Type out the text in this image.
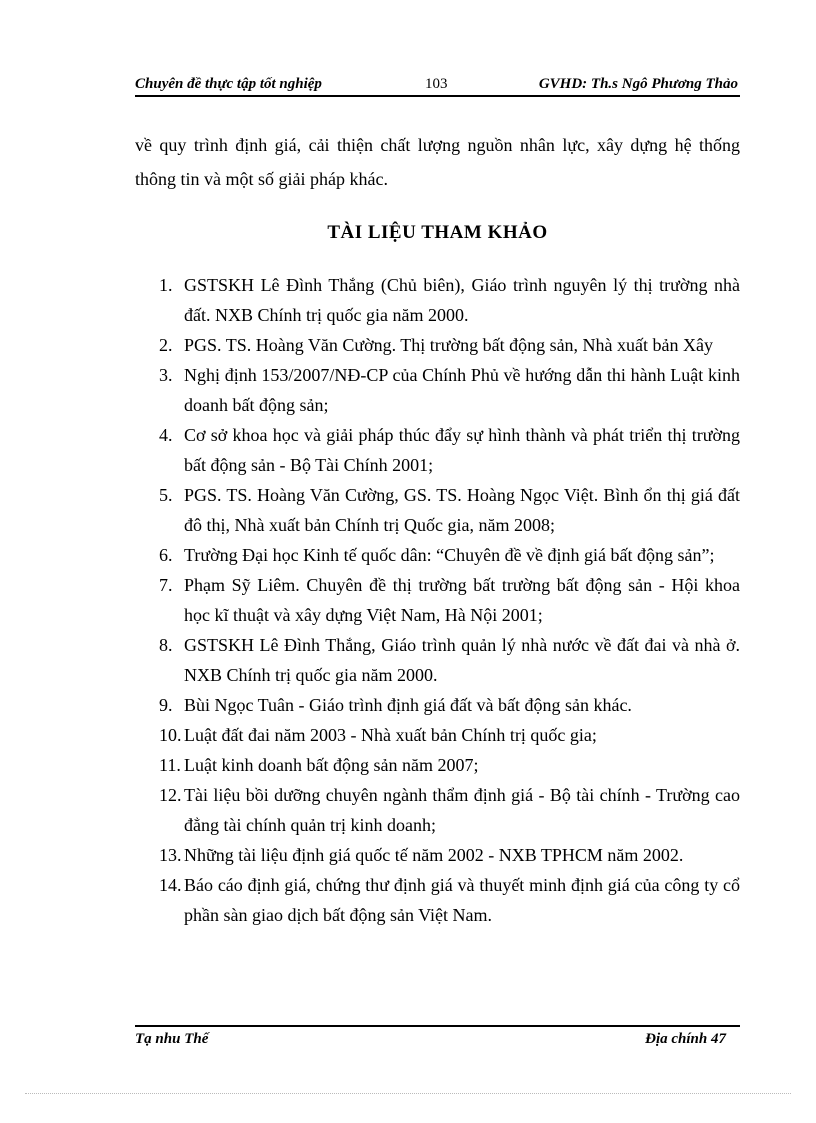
Chuyên đề thực tập tốt nghiệp	103	GVHD: Th.s Ngô Phương Thảo

về quy trình định giá, cải thiện chất lượng nguồn nhân lực, xây dựng hệ thống thông tin và một số giải pháp khác.

TÀI LIỆU THAM KHẢO
1. GSTSKH Lê Đình Thắng (Chủ biên), Giáo trình nguyên lý thị trường nhà đất. NXB Chính trị quốc gia năm 2000.
2. PGS. TS. Hoàng Văn Cường. Thị trường bất động sản, Nhà xuất bản Xây
3. Nghị định 153/2007/NĐ-CP của Chính Phủ về hướng dẫn thi hành Luật kinh doanh bất động sản;
4. Cơ sở khoa học và giải pháp thúc đẩy sự hình thành và phát triển thị trường bất động sản - Bộ Tài Chính 2001;
5. PGS. TS. Hoàng Văn Cường, GS. TS. Hoàng Ngọc Việt. Bình ổn thị giá đất đô thị, Nhà xuất bản Chính trị Quốc gia, năm 2008;
6. Trường Đại học Kinh tế quốc dân: “Chuyên đề về định giá bất động sản”;
7. Phạm Sỹ Liêm. Chuyên đề thị trường bất trường bất động sản - Hội khoa học kĩ thuật và xây dựng Việt Nam, Hà Nội 2001;
8. GSTSKH Lê Đình Thắng, Giáo trình quản lý nhà nước về đất đai và nhà ở. NXB Chính trị quốc gia năm 2000.
9. Bùi Ngọc Tuân - Giáo trình định giá đất và bất động sản khác.
10. Luật đất đai năm 2003 - Nhà xuất bản Chính trị quốc gia;
11. Luật kinh doanh bất động sản năm 2007;
12. Tài liệu bồi dưỡng chuyên ngành thẩm định giá - Bộ tài chính - Trường cao đẳng tài chính quản trị kinh doanh;
13. Những tài liệu định giá quốc tế năm 2002 - NXB TPHCM năm 2002.
14. Báo cáo định giá, chứng thư định giá và thuyết minh định giá của công ty cổ phần sàn giao dịch bất động sản Việt Nam.
Tạ nhu Thế	Địa chính 47
